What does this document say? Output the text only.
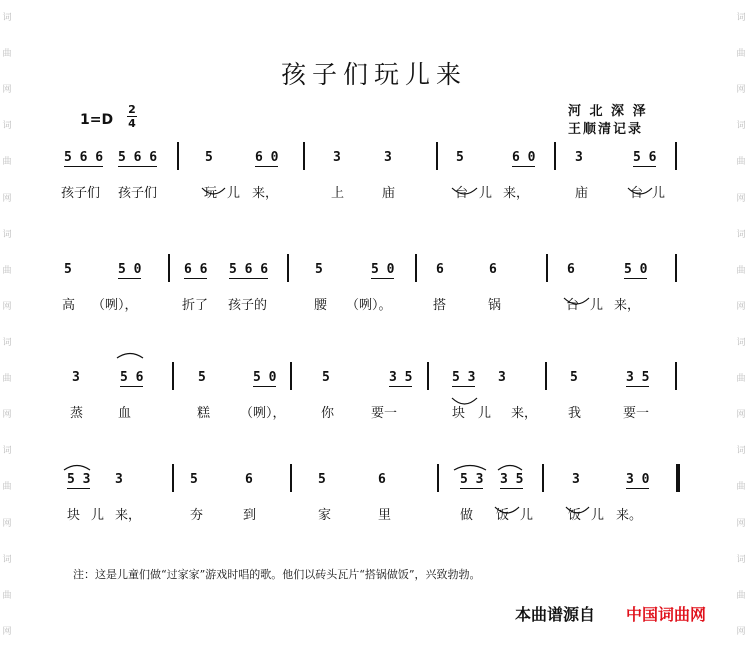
词
曲
网
词
曲
网
词
曲
网
词
曲
网
词
曲
网
词
曲
网
词
曲
网
词
曲
网
词
曲
网
词
曲
网
词
曲
网
词
曲
网
孩子们玩儿来
1=D
2
4
河 北 深 泽
王顺清记录
5 6 6 5 6 6	5	6 0	3	3	5	6 0	3	5 6
孩子们 孩子们	玩 儿 来，	上	庙	台 儿 来，	庙	台 儿
5	5 0	6 6 5 6 6	5	5 0	6	6	6	5 0
高 （咧），	折了 孩子的	腰 （咧）。	搭	锅	台 儿 来，
3	5 6	5	5 0	5	3 5	5 3 3	5	3 5
蒸	血	糕 （咧），	你	要一	块 儿 来， 我	要一
5 3 3	5	6	5	6	5 3 3 5	3	3 0
块 儿 来，	夯	到	家	里	做 饭 儿	饭 儿 来。
注：这是儿童们做“过家家”游戏时唱的歌。他们以砖头瓦片“搭锅做饭”，兴致勃勃。
本曲谱源自 中国词曲网
